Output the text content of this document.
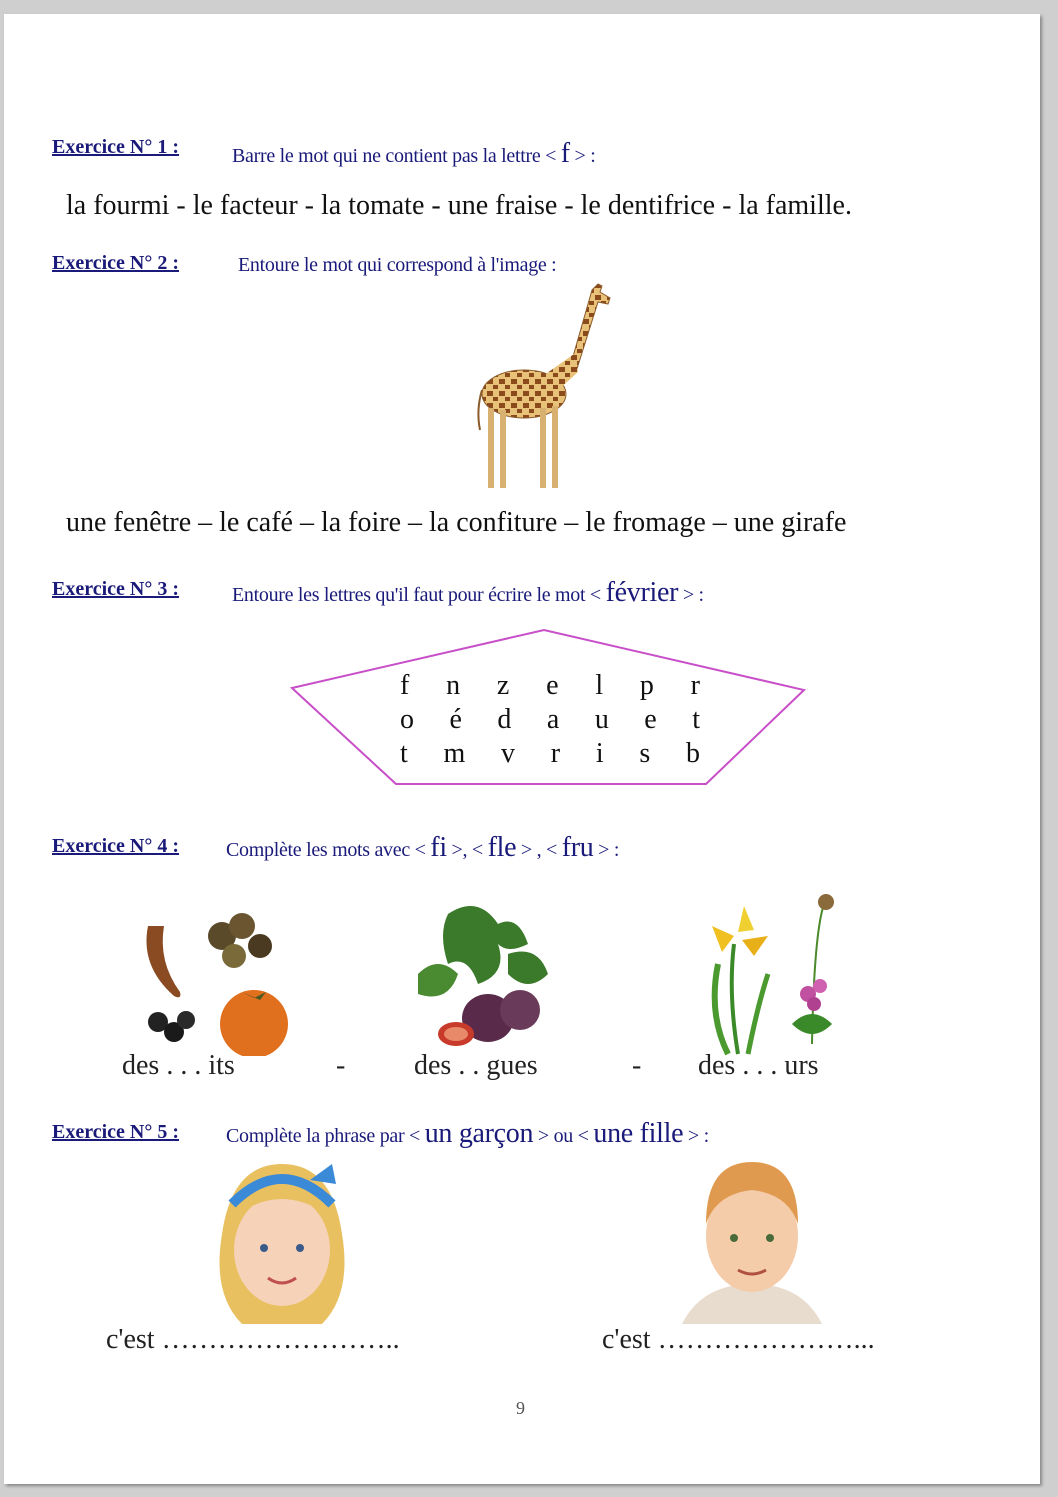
Exercice N° 1 :	Barre le mot qui ne contient pas la lettre < f > :
la fourmi - le facteur - la tomate - une fraise - le dentifrice - la famille.
Exercice N° 2 :	Entoure le mot qui correspond à l'image :
une fenêtre – le café – la foire – la confiture – le fromage – une girafe
Exercice N° 3 :	Entoure les lettres qu'il faut pour écrire le mot < février > :
f n z e l p r
o é d a u e t
t m v r i s b
Exercice N° 4 : Complète les mots avec < fi >, < fle > , < fru > :
des . . . its	- des . . gues	- des . . . urs
Exercice N° 5 : Complète la phrase par < un garçon > ou < une fille > :
c'est ……………………..	c'est …………………...
9
